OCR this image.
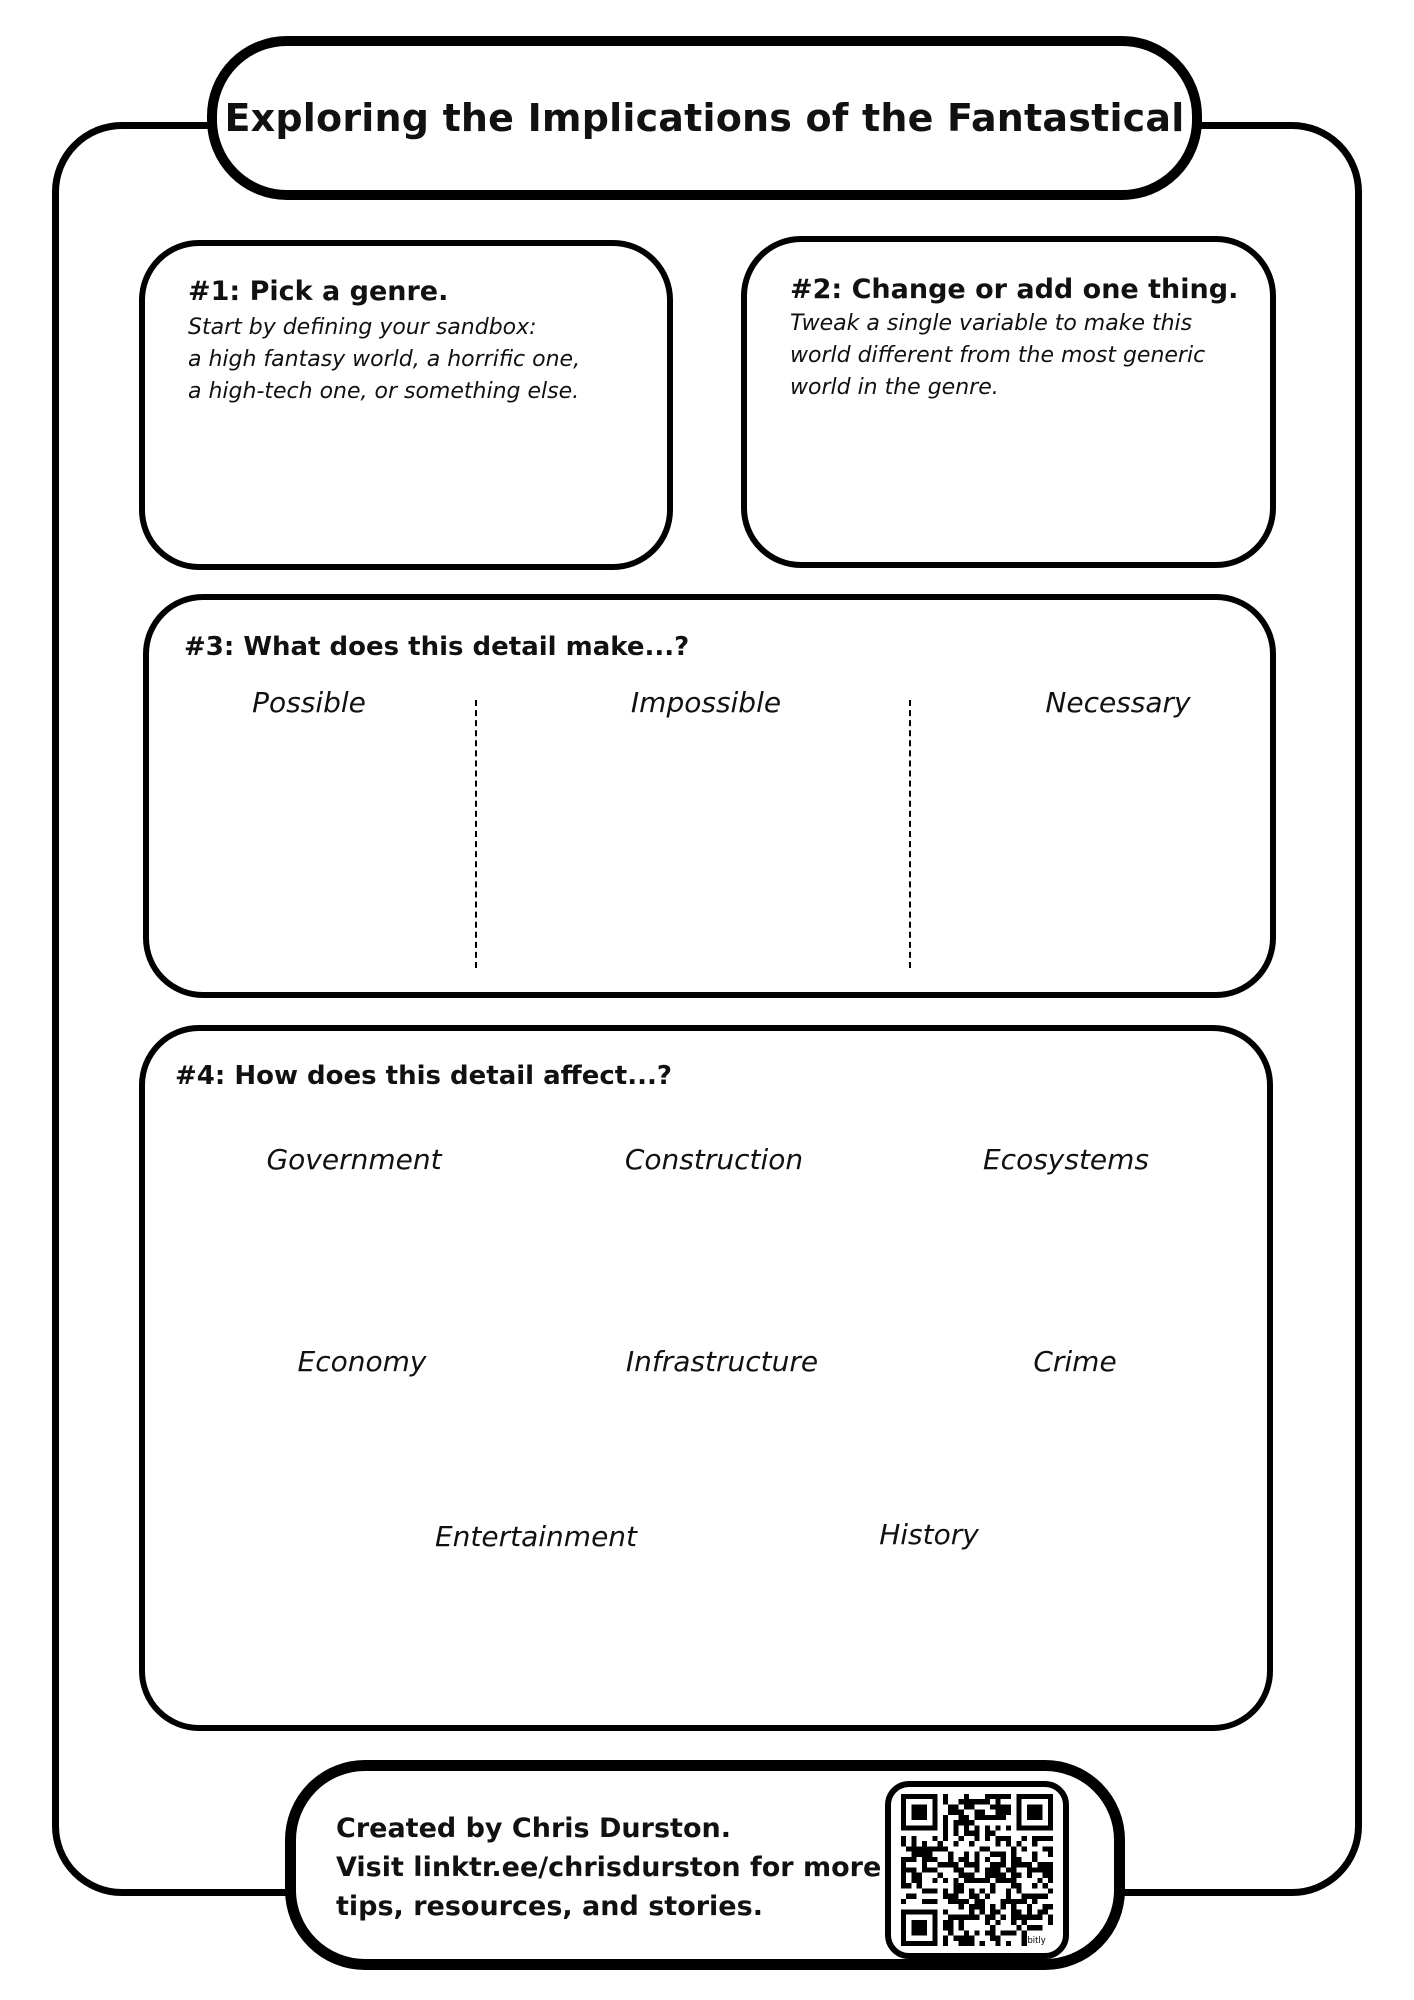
Exploring the Implications of the Fantastical
#1: Pick a genre.
Start by defining your sandbox:
a high fantasy world, a horrific one,
a high-tech one, or something else.
#2: Change or add one thing.
Tweak a single variable to make this
world different from the most generic
world in the genre.
#3: What does this detail make...?
Possible	Impossible	Necessary
#4: How does this detail affect...?
Government	Construction	Ecosystems
Economy	Infrastructure	Crime
Entertainment	History
Created by Chris Durston.
Visit linktr.ee/chrisdurston for more
tips, resources, and stories.
bitly
